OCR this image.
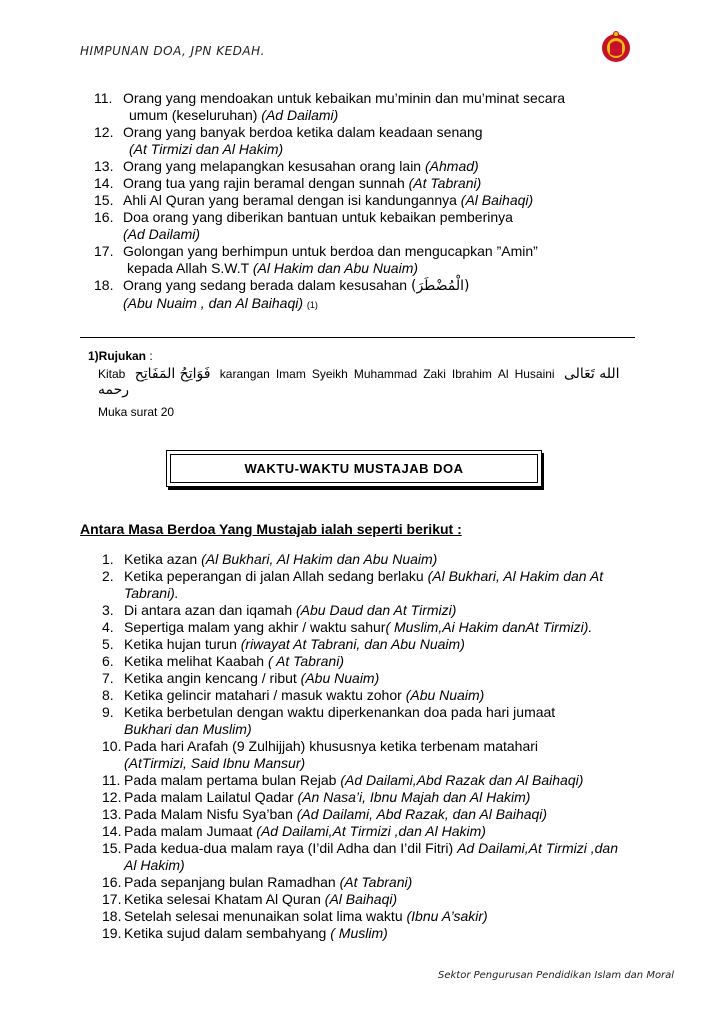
HIMPUNAN DOA, JPN KEDAH.
11. Orang yang mendoakan untuk kebaikan mu’minin dan mu’minat secara
umum (keseluruhan) (Ad Dailami)
12. Orang yang banyak berdoa ketika dalam keadaan senang
(At Tirmizi dan Al Hakim)
13. Orang yang melapangkan kesusahan orang lain (Ahmad)
14. Orang tua yang rajin beramal dengan sunnah (At Tabrani)
15. Ahli Al Quran yang beramal dengan isi kandungannya (Al Baihaqi)
16. Doa orang yang diberikan bantuan untuk kebaikan pemberinya
(Ad Dailami)
17. Golongan yang berhimpun untuk berdoa dan mengucapkan ”Amin”
kepada Allah S.W.T (Al Hakim dan Abu Nuaim)
18. Orang yang sedang berada dalam kesusahan (الْمُضْطَرَ)
(Abu Nuaim , dan Al Baihaqi) (1)
1)Rujukan :
Kitab فَوَاتِحُ المَفَاتِح karangan Imam Syeikh Muhammad Zaki Ibrahim Al Husaini الله تَعَالى
رحمه
Muka surat 20
WAKTU-WAKTU MUSTAJAB DOA
Antara Masa Berdoa Yang Mustajab ialah seperti berikut :
1. Ketika azan (Al Bukhari, Al Hakim dan Abu Nuaim)
2. Ketika peperangan di jalan Allah sedang berlaku (Al Bukhari, Al Hakim dan At Tabrani).
3. Di antara azan dan iqamah (Abu Daud dan At Tirmizi)
4. Sepertiga malam yang akhir / waktu sahur( Muslim,Ai Hakim danAt Tirmizi).
5. Ketika hujan turun (riwayat At Tabrani, dan Abu Nuaim)
6. Ketika melihat Kaabah ( At Tabrani)
7. Ketika angin kencang / ribut (Abu Nuaim)
8. Ketika gelincir matahari / masuk waktu zohor (Abu Nuaim)
9. Ketika berbetulan dengan waktu diperkenankan doa pada hari jumaat
Bukhari dan Muslim)
10. Pada hari Arafah (9 Zulhijjah) khususnya ketika terbenam matahari
(AtTirmizi, Said Ibnu Mansur)
11. Pada malam pertama bulan Rejab (Ad Dailami,Abd Razak dan Al Baihaqi)
12. Pada malam Lailatul Qadar (An Nasa’i, Ibnu Majah dan Al Hakim)
13. Pada Malam Nisfu Sya’ban (Ad Dailami, Abd Razak, dan Al Baihaqi)
14. Pada malam Jumaat (Ad Dailami,At Tirmizi ,dan Al Hakim)
15. Pada kedua-dua malam raya (I’dil Adha dan I’dil Fitri) Ad Dailami,At Tirmizi ,dan Al Hakim)
16. Pada sepanjang bulan Ramadhan (At Tabrani)
17. Ketika selesai Khatam Al Quran (Al Baihaqi)
18. Setelah selesai menunaikan solat lima waktu (Ibnu A’sakir)
19. Ketika sujud dalam sembahyang ( Muslim)
Sektor Pengurusan Pendidikan Islam dan Moral
